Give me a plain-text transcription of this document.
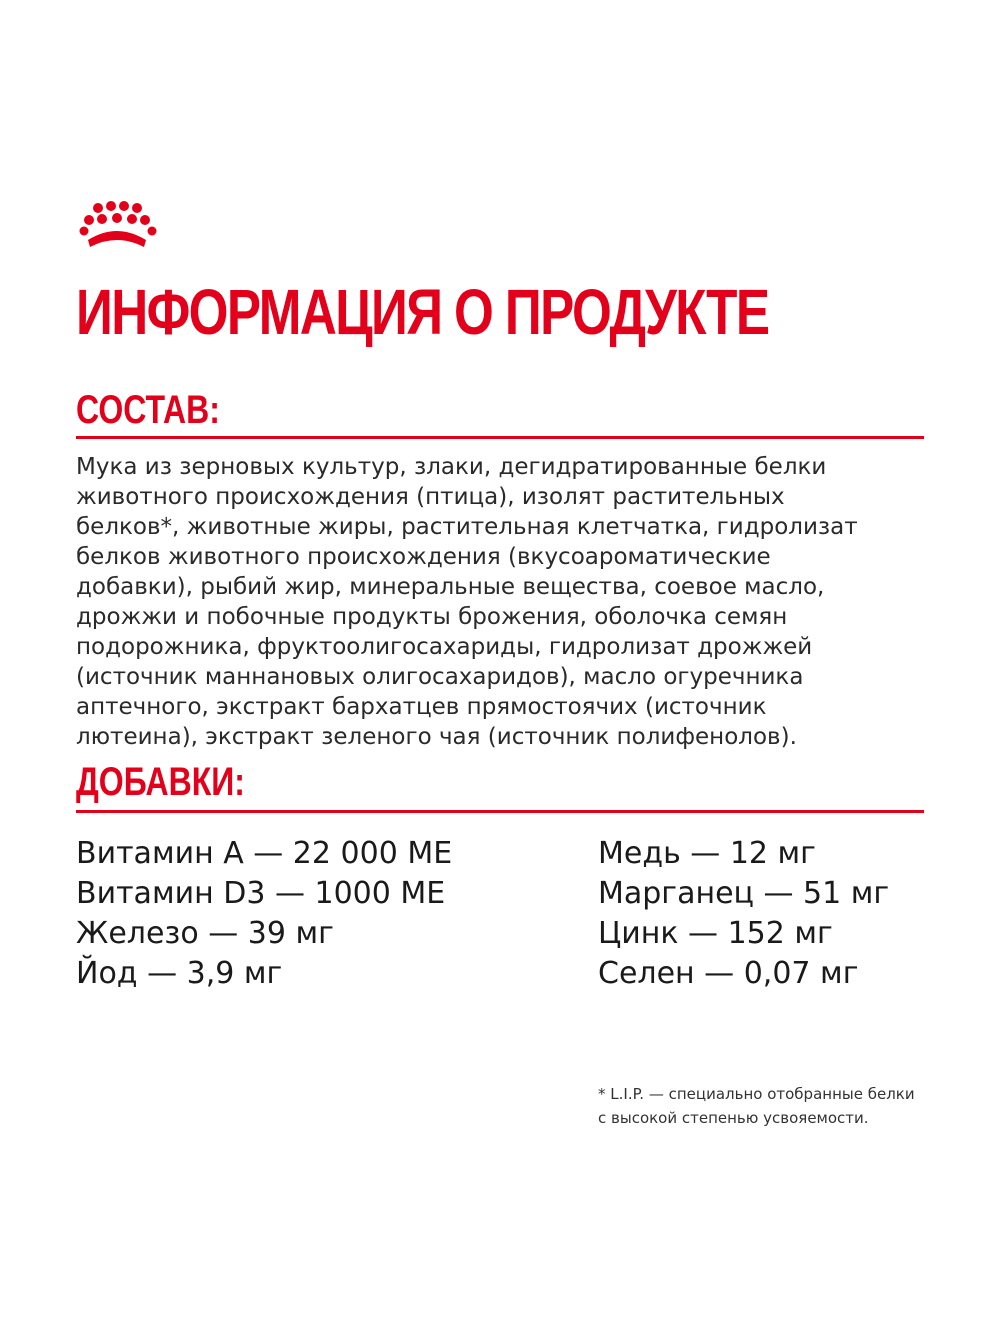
ИНФОРМАЦИЯ О ПРОДУКТЕ
СОСТАВ:

Мука из зерновых культур, злаки, дегидратированные белки
животного происхождения (птица), изолят растительных
белков*, животные жиры, растительная клетчатка, гидролизат
белков животного происхождения (вкусоароматические
добавки), рыбий жир, минеральные вещества, соевое масло,
дрожжи и побочные продукты брожения, оболочка семян
подорожника, фруктоолигосахариды, гидролизат дрожжей
(источник маннановых олигосахаридов), масло огуречника
аптечного, экстракт бархатцев прямостоячих (источник
лютеина), экстракт зеленого чая (источник полифенолов).

ДОБАВКИ:
Витамин A — 22 000 МЕ
Витамин D3 — 1000 МЕ
Железо — 39 мг
Йод — 3,9 мг
Медь — 12 мг
Марганец — 51 мг
Цинк — 152 мг
Селен — 0,07 мг

* L.I.P. — специально отобранные белки
с высокой степенью усвояемости.
